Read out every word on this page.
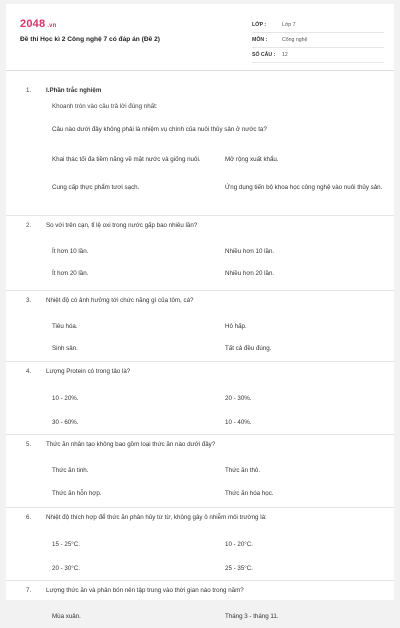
2048 .vn
Đề thi Học kì 2 Công nghệ 7 có đáp án (Đề 2)
LỚP :	Lớp 7
MÔN :	Công nghệ
SỐ CÂU :	12
1.	I.Phần trắc nghiệm
Khoanh tròn vào câu trả lời đúng nhất:
Câu nào dưới đây không phải là nhiệm vụ chính của nuôi thủy sản ở nước ta?
Khai thác tối đa tiềm năng về mặt nước và giống nuôi.	Mở rộng xuất khẩu.
Cung cấp thực phẩm tươi sạch.	Ứng dụng tiến bộ khoa học công nghệ vào nuôi thủy sản.
2.	So với trên cạn, tỉ lệ oxi trong nước gấp bao nhiêu lần?
Ít hơn 10 lần.	Nhiều hơn 10 lần.
Ít hơn 20 lần.	Nhiều hơn 20 lần.
3.	Nhiệt độ có ảnh hưởng tới chức năng gì của tôm, cá?
Tiêu hóa.	Hô hấp.
Sinh sản.	Tất cả đều đúng.
4.	Lượng Protein có trong tảo là?
10 - 20%.	20 - 30%.
30 - 60%.	10 - 40%.
5.	Thức ăn nhân tạo không bao gồm loại thức ăn nào dưới đây?
Thức ăn tinh.	Thức ăn thô.
Thức ăn hỗn hợp.	Thức ăn hóa học.
6.	Nhiệt độ thích hợp để thức ăn phân hủy từ từ, không gây ô nhiễm môi trường là:
15 - 25°C.	10 - 20°C.
20 - 30°C.	25 - 35°C.
7.	Lượng thức ăn và phân bón nên tập trung vào thời gian nào trong năm?
Mùa xuân.	Tháng 3 - tháng 11.
